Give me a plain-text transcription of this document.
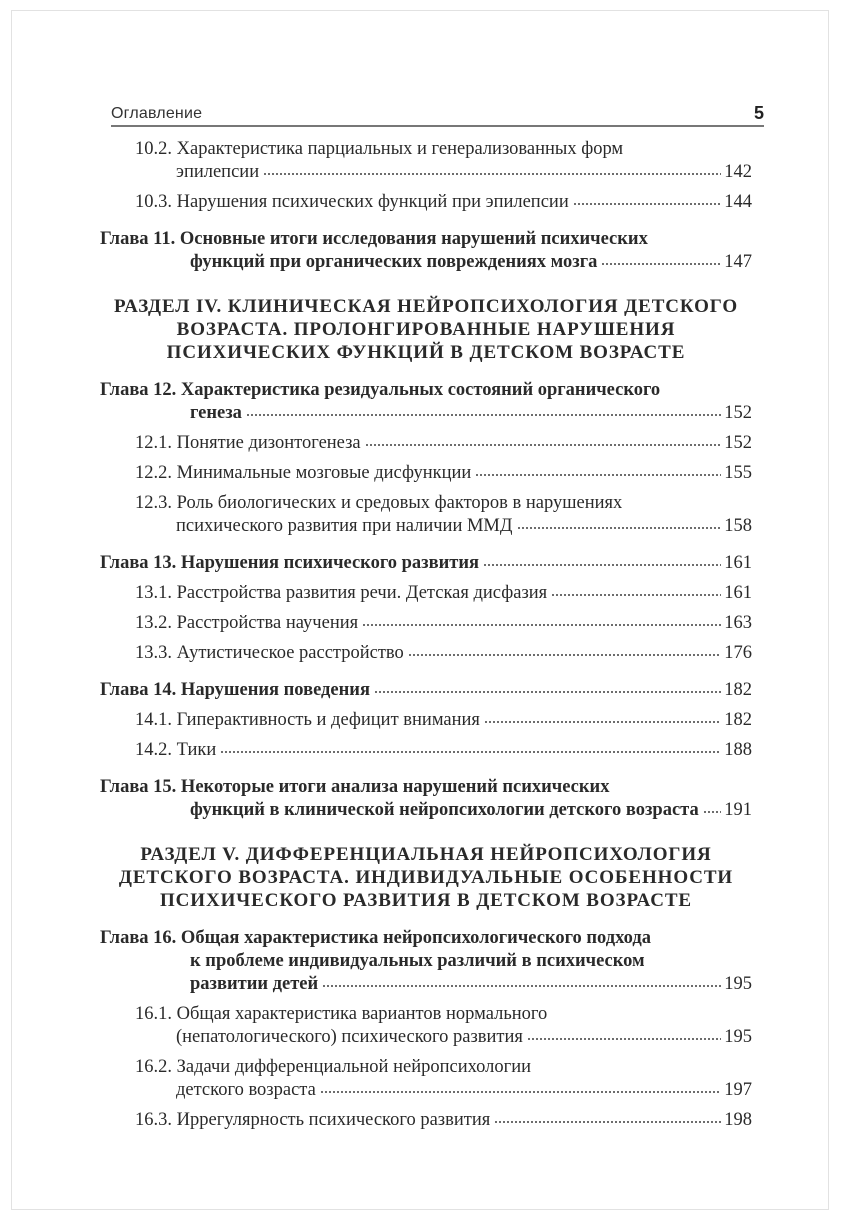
Оглавление	5
10.2. Характеристика парциальных и генерализованных форм
эпилепсии	142
10.3. Нарушения психических функций при эпилепсии	144
Глава 11. Основные итоги исследования нарушений психических
функций при органических повреждениях мозга	147
РАЗДЕЛ IV. КЛИНИЧЕСКАЯ НЕЙРОПСИХОЛОГИЯ ДЕТСКОГО
ВОЗРАСТА. ПРОЛОНГИРОВАННЫЕ НАРУШЕНИЯ
ПСИХИЧЕСКИХ ФУНКЦИЙ В ДЕТСКОМ ВОЗРАСТЕ
Глава 12. Характеристика резидуальных состояний органического
генеза	152
12.1. Понятие дизонтогенеза	152
12.2. Минимальные мозговые дисфункции	155
12.3. Роль биологических и средовых факторов в нарушениях
психического развития при наличии ММД	158
Глава 13. Нарушения психического развития	161
13.1. Расстройства развития речи. Детская дисфазия	161
13.2. Расстройства научения	163
13.3. Аутистическое расстройство	176
Глава 14. Нарушения поведения	182
14.1. Гиперактивность и дефицит внимания	182
14.2. Тики	188
Глава 15. Некоторые итоги анализа нарушений психических
функций в клинической нейропсихологии детского возраста 191
РАЗДЕЛ V. ДИФФЕРЕНЦИАЛЬНАЯ НЕЙРОПСИХОЛОГИЯ
ДЕТСКОГО ВОЗРАСТА. ИНДИВИДУАЛЬНЫЕ ОСОБЕННОСТИ
ПСИХИЧЕСКОГО РАЗВИТИЯ В ДЕТСКОМ ВОЗРАСТЕ
Глава 16. Общая характеристика нейропсихологического подхода
к проблеме индивидуальных различий в психическом
развитии детей	195
16.1. Общая характеристика вариантов нормального
(непатологического) психического развития	195
16.2. Задачи дифференциальной нейропсихологии
детского возраста	197
16.3. Иррегулярность психического развития	198
